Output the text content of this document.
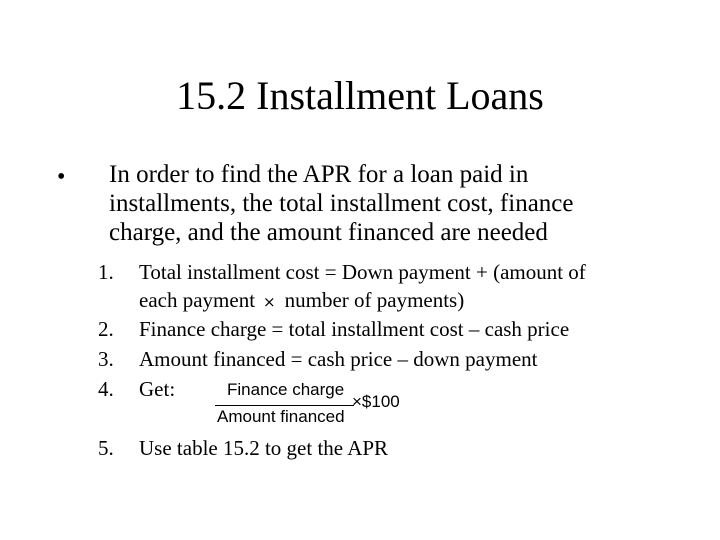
15.2 Installment Loans
• In order to find the APR for a loan paid in
installments, the total installment cost, finance
charge, and the amount financed are needed
1.	Total installment cost = Down payment + (amount of
each payment × number of payments)
2.	Finance charge = total installment cost – cash price
3.	Amount financed = cash price – down payment
4.	Get:
5.	Use table 15.2 to get the APR
Finance charge
Amount financed
×$100
